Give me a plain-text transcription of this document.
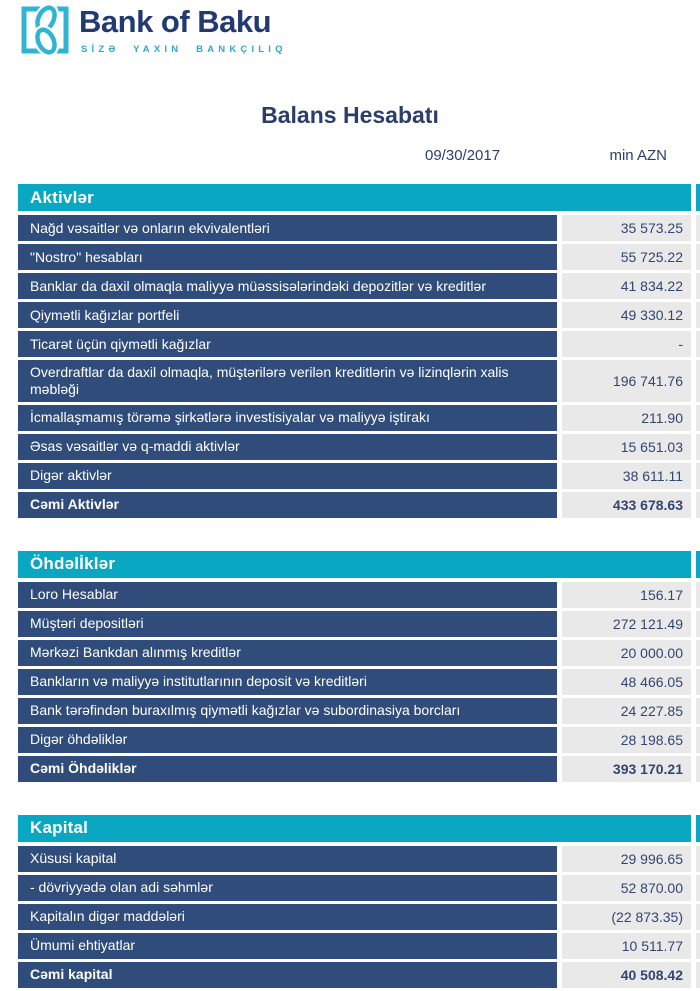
Bank of Baku
SİZƏ YAXIN BANKÇILIQ
Balans Hesabatı
09/30/2017	min AZN
Aktivlər
Nağd vəsaitlər və onların ekvivalentləri	35 573.25
"Nostro" hesabları	55 725.22
Banklar da daxil olmaqla maliyyə müəssisələrindəki depozitlər və kreditlər	41 834.22
Qiymətli kağızlar portfeli	49 330.12
Ticarət üçün qiymətli kağızlar	-
Overdraftlar da daxil olmaqla, müştərilərə verilən kreditlərin və lizinqlərin xalis məbləği	196 741.76
İcmallaşmamış törəmə şirkətlərə investisiyalar və maliyyə iştirakı	211.90
Əsas vəsaitlər və q-maddi aktivlər	15 651.03
Digər aktivlər	38 611.11
Cəmi Aktivlər	433 678.63
Öhdəlİklər
Loro Hesablar	156.17
Müştəri depositləri	272 121.49
Mərkəzi Bankdan alınmış kreditlər	20 000.00
Bankların və maliyyə institutlarının deposit və kreditləri	48 466.05
Bank tərəfindən buraxılmış qiymətli kağızlar və subordinasiya borcları	24 227.85
Digər öhdəliklər	28 198.65
Cəmi Öhdəliklər	393 170.21
Kapital
Xüsusi kapital	29 996.65
- dövriyyədə olan adi səhmlər	52 870.00
Kapitalın digər maddələri	(22 873.35)
Ümumi ehtiyatlar	10 511.77
Cəmi kapital	40 508.42
